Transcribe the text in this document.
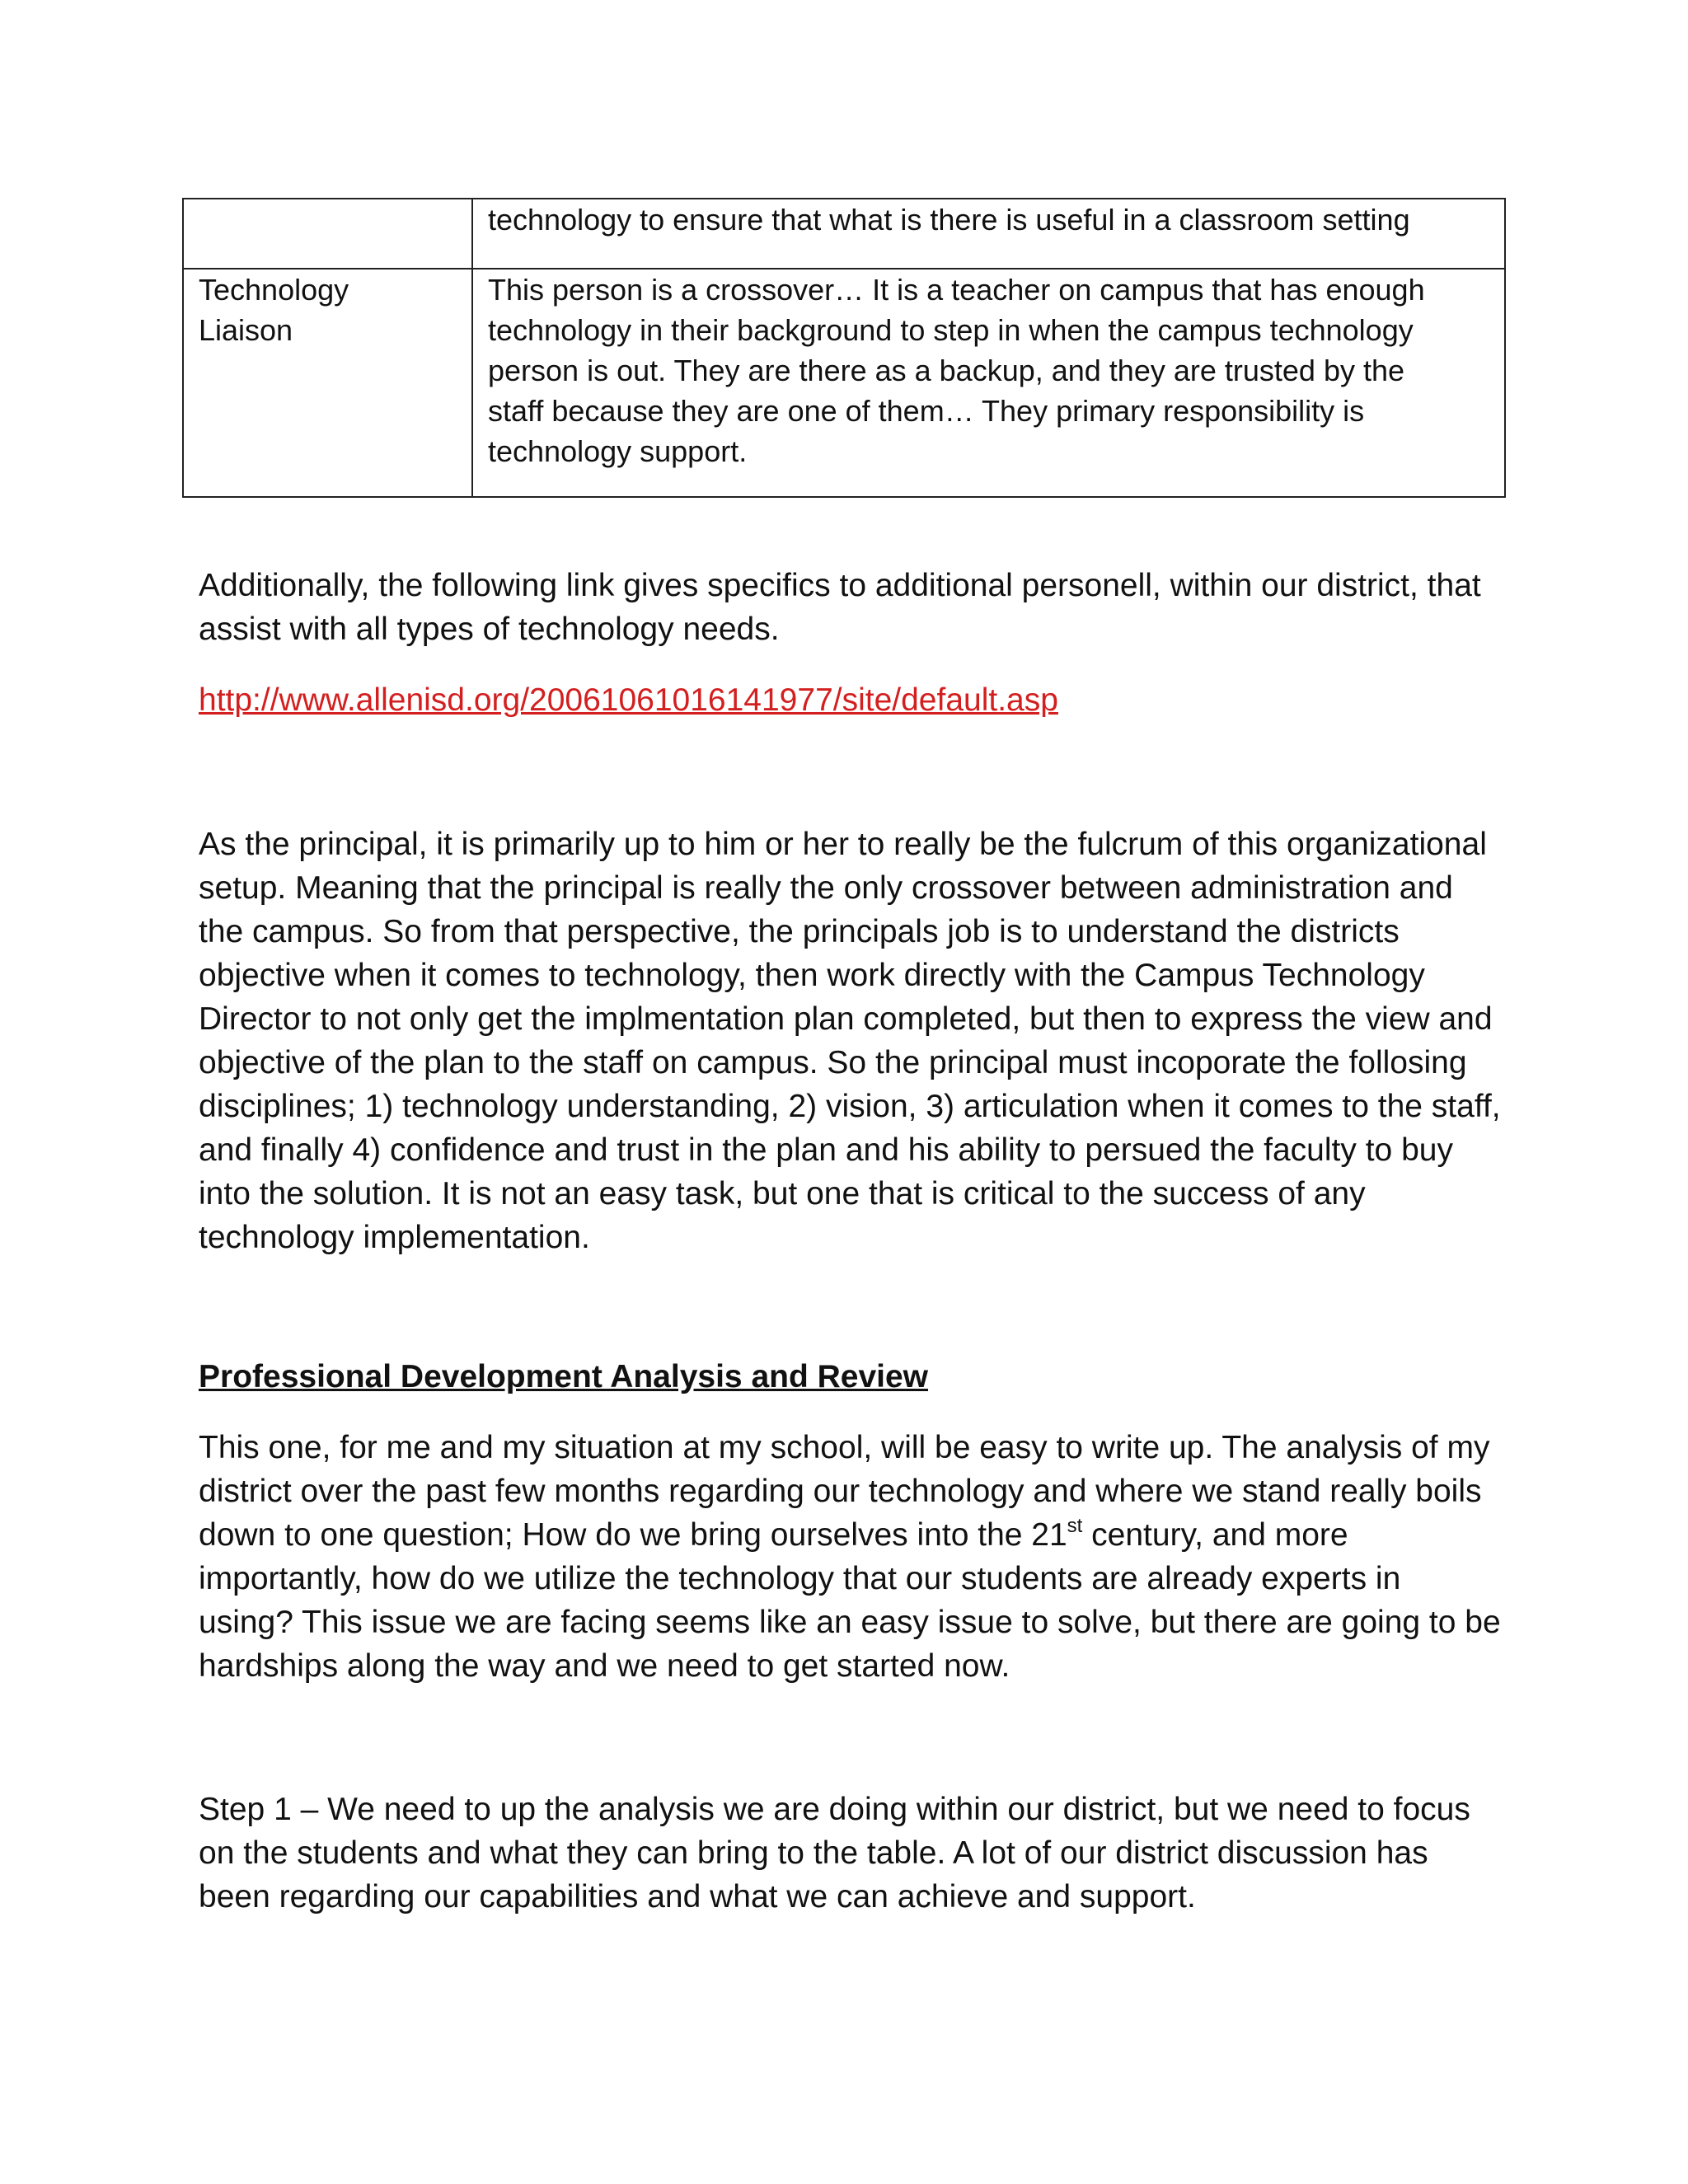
	technology to ensure that what is there is useful in a classroom setting

Technology Liaison	This person is a crossover… It is a teacher on campus that has enough technology in their background to step in when the campus technology person is out. They are there as a backup, and they are trusted by the staff because they are one of them… They primary responsibility is technology support.

Additionally, the following link gives specifics to additional personell, within our district, that assist with all types of technology needs.

http://www.allenisd.org/20061061016141977/site/default.asp

As the principal, it is primarily up to him or her to really be the fulcrum of this organizational setup. Meaning that the principal is really the only crossover between administration and the campus. So from that perspective, the principals job is to understand the districts objective when it comes to technology, then work directly with the Campus Technology Director to not only get the implmentation plan completed, but then to express the view and objective of the plan to the staff on campus. So the principal must incoporate the follosing disciplines; 1) technology understanding, 2) vision, 3) articulation when it comes to the staff, and finally 4) confidence and trust in the plan and his ability to persued the faculty to buy into the solution. It is not an easy task, but one that is critical to the success of any technology implementation.

Professional Development Analysis and Review

This one, for me and my situation at my school, will be easy to write up. The analysis of my district over the past few months regarding our technology and where we stand really boils down to one question; How do we bring ourselves into the 21st century, and more importantly, how do we utilize the technology that our students are already experts in using? This issue we are facing seems like an easy issue to solve, but there are going to be hardships along the way and we need to get started now.

Step 1 – We need to up the analysis we are doing within our district, but we need to focus on the students and what they can bring to the table. A lot of our district discussion has been regarding our capabilities and what we can achieve and support.
